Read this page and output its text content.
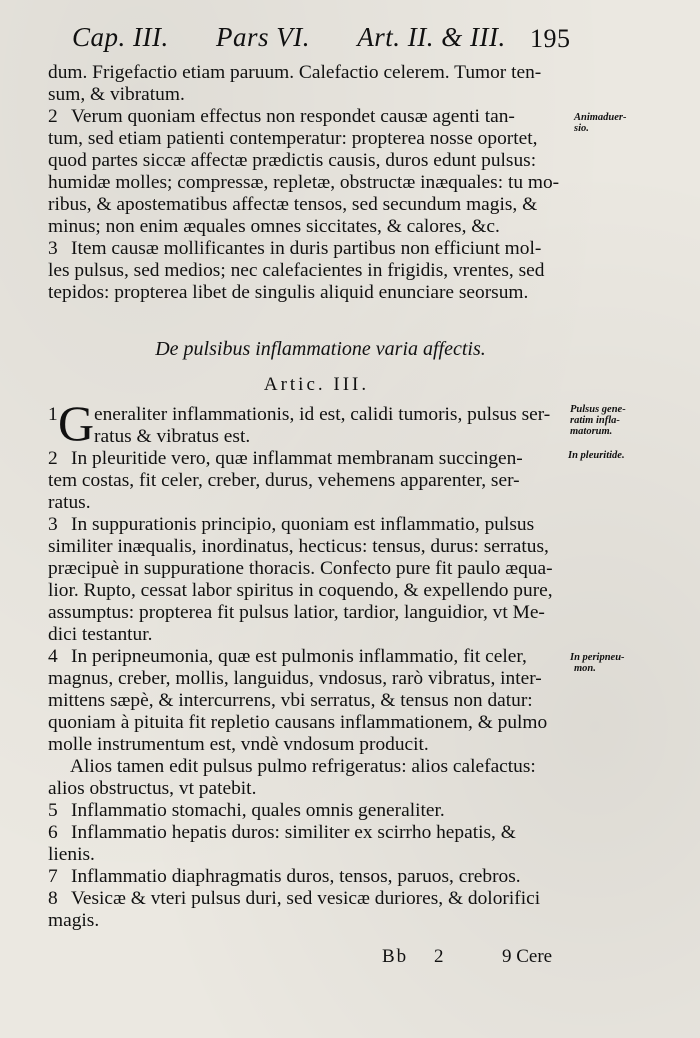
Cap. III. Pars VI. Art. II. & III. 195

dum. Frigefactio etiam paruum. Calefactio celerem. Tumor ten-

sum, & vibratum.

2 Verum quoniam effectus non respondet causæ agenti tan-

tum, sed etiam patienti contemperatur: propterea nosse oportet,

quod partes siccæ affectæ prædictis causis, duros edunt pulsus:

humidæ molles; compressæ, repletæ, obstructæ inæquales: tu mo-

ribus, & apostematibus affectæ tensos, sed secundum magis, &

minus; non enim æquales omnes siccitates, & calores, &c.

3 Item causæ mollificantes in duris partibus non efficiunt mol-

les pulsus, sed medios; nec calefacientes in frigidis, vrentes, sed

tepidos: propterea libet de singulis aliquid enunciare seorsum.

De pulsibus inflammatione varia affectis.

Artic. III.

1 G eneraliter inflammationis, id est, calidi tumoris, pulsus ser-

ratus & vibratus est.

2 In pleuritide vero, quæ inflammat membranam succingen-

tem costas, fit celer, creber, durus, vehemens apparenter, ser-

ratus.

3 In suppurationis principio, quoniam est inflammatio, pulsus

similiter inæqualis, inordinatus, hecticus: tensus, durus: serratus,

præcipuè in suppuratione thoracis. Confecto pure fit paulo æqua-

lior. Rupto, cessat labor spiritus in coquendo, & expellendo pure,

assumptus: propterea fit pulsus latior, tardior, languidior, vt Me-

dici testantur.

4 In peripneumonia, quæ est pulmonis inflammatio, fit celer,

magnus, creber, mollis, languidus, vndosus, rarò vibratus, inter-

mittens sæpè, & intercurrens, vbi serratus, & tensus non datur:

quoniam à pituita fit repletio causans inflammationem, & pulmo

molle instrumentum est, vndè vndosum producit.

Alios tamen edit pulsus pulmo refrigeratus: alios calefactus:

alios obstructus, vt patebit.

5 Inflammatio stomachi, quales omnis generaliter.

6 Inflammatio hepatis duros: similiter ex scirrho hepatis, &

lienis.

7 Inflammatio diaphragmatis duros, tensos, paruos, crebros.

8 Vesicæ & vteri pulsus duri, sed vesicæ duriores, & dolorifici

magis.

Animaduer-
sio.
Pulsus gene-
ratim infla-
matorum.
In pleuritide.
In peripneu-
mon.
Bb 2	9 Cere
